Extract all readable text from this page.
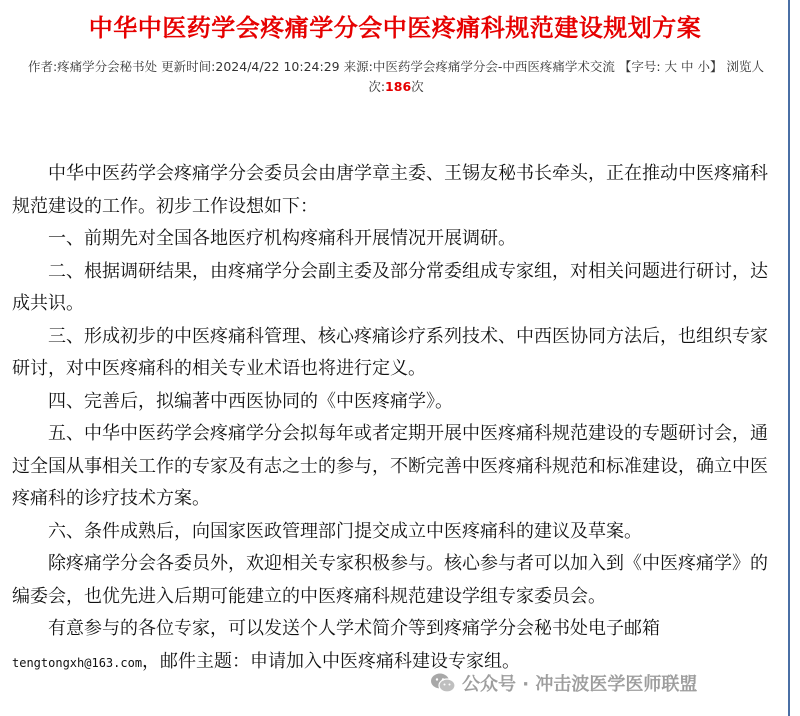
中华中医药学会疼痛学分会中医疼痛科规范建设规划方案
作者:疼痛学分会秘书处 更新时间:2024/4/22 10:24:29 来源:中医药学会疼痛学分会-中西医疼痛学术交流 【字号: 大 中 小】 浏览人次:186次

中华中医药学会疼痛学分会委员会由唐学章主委、王锡友秘书长牵头，正在推动中医疼痛科规范建设的工作。初步工作设想如下：

一、前期先对全国各地医疗机构疼痛科开展情况开展调研。

二、根据调研结果，由疼痛学分会副主委及部分常委组成专家组，对相关问题进行研讨，达成共识。

三、形成初步的中医疼痛科管理、核心疼痛诊疗系列技术、中西医协同方法后，也组织专家研讨，对中医疼痛科的相关专业术语也将进行定义。

四、完善后，拟编著中西医协同的《中医疼痛学》。

五、中华中医药学会疼痛学分会拟每年或者定期开展中医疼痛科规范建设的专题研讨会，通过全国从事相关工作的专家及有志之士的参与，不断完善中医疼痛科规范和标准建设，确立中医疼痛科的诊疗技术方案。

六、条件成熟后，向国家医政管理部门提交成立中医疼痛科的建议及草案。

除疼痛学分会各委员外，欢迎相关专家积极参与。核心参与者可以加入到《中医疼痛学》的编委会，也优先进入后期可能建立的中医疼痛科规范建设学组专家委员会。

有意参与的各位专家，可以发送个人学术简介等到疼痛学分会秘书处电子邮箱

tengtongxh@163.com，邮件主题：申请加入中医疼痛科建设专家组。
公众号 · 冲击波医学医师联盟
